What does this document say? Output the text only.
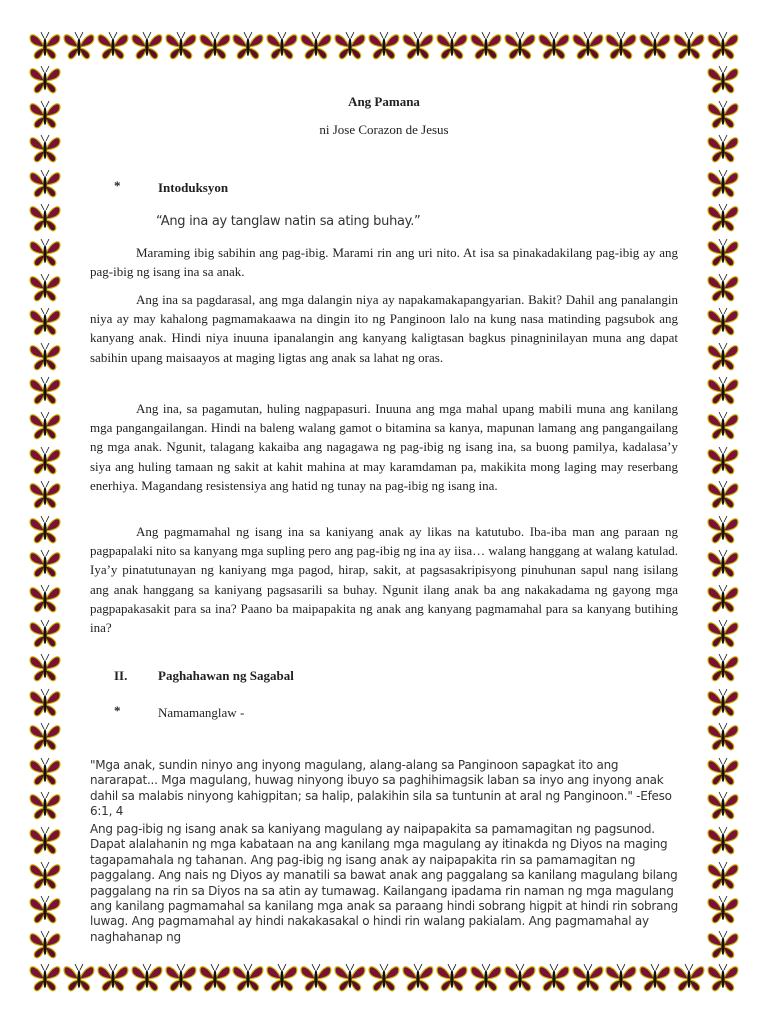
Ang Pamana
ni Jose Corazon de Jesus
*	Intoduksyon
“Ang ina ay tanglaw natin sa ating buhay.”
Maraming ibig sabihin ang pag-ibig. Marami rin ang uri nito. At isa sa pinakadakilang pag-ibig ay ang pag-ibig ng isang ina sa anak.
Ang ina sa pagdarasal, ang mga dalangin niya ay napakamakapangyarian. Bakit? Dahil ang panalangin niya ay may kahalong pagmamakaawa na dingin ito ng Panginoon lalo na kung nasa matinding pagsubok ang kanyang anak. Hindi niya inuuna ipanalangin ang kanyang kaligtasan bagkus pinagninilayan muna ang dapat sabihin upang maisaayos at maging ligtas ang anak sa lahat ng oras.
Ang ina, sa pagamutan, huling nagpapasuri. Inuuna ang mga mahal upang mabili muna ang kanilang mga pangangailangan. Hindi na baleng walang gamot o bitamina sa kanya, mapunan lamang ang pangangailang ng mga anak. Ngunit, talagang kakaiba ang nagagawa ng pag-ibig ng isang ina, sa buong pamilya, kadalasa’y siya ang huling tamaan ng sakit at kahit mahina at may karamdaman pa, makikita mong laging may reserbang enerhiya. Magandang resistensiya ang hatid ng tunay na pag-ibig ng isang ina.
Ang pagmamahal ng isang ina sa kaniyang anak ay likas na katutubo. Iba-iba man ang paraan ng pagpapalaki nito sa kanyang mga supling pero ang pag-ibig ng ina ay iisa… walang hanggang at walang katulad. Iya’y pinatutunayan ng kaniyang mga pagod, hirap, sakit, at pagsasakripisyong pinuhunan sapul nang isilang ang anak hanggang sa kaniyang pagsasarili sa buhay. Ngunit ilang anak ba ang nakakadama ng gayong mga pagpapakasakit para sa ina? Paano ba maipapakita ng anak ang kanyang pagmamahal para sa kanyang butihing ina?
II. Paghahawan ng Sagabal
*	Namamanglaw -
"Mga anak, sundin ninyo ang inyong magulang, alang-alang sa Panginoon sapagkat ito ang nararapat... Mga magulang, huwag ninyong ibuyo sa paghihimagsik laban sa inyo ang inyong anak dahil sa malabis ninyong kahigpitan; sa halip, palakihin sila sa tuntunin at aral ng Panginoon." -Efeso 6:1, 4
Ang pag-ibig ng isang anak sa kaniyang magulang ay naipapakita sa pamamagitan ng pagsunod. Dapat alalahanin ng mga kabataan na ang kanilang mga magulang ay itinakda ng Diyos na maging tagapamahala ng tahanan. Ang pag-ibig ng isang anak ay naipapakita rin sa pamamagitan ng paggalang. Ang nais ng Diyos ay manatili sa bawat anak ang paggalang sa kanilang magulang bilang paggalang na rin sa Diyos na sa atin ay tumawag. Kailangang ipadama rin naman ng mga magulang ang kanilang pagmamahal sa kanilang mga anak sa paraang hindi sobrang higpit at hindi rin sobrang luwag. Ang pagmamahal ay hindi nakakasakal o hindi rin walang pakialam. Ang pagmamahal ay naghahanap ng
